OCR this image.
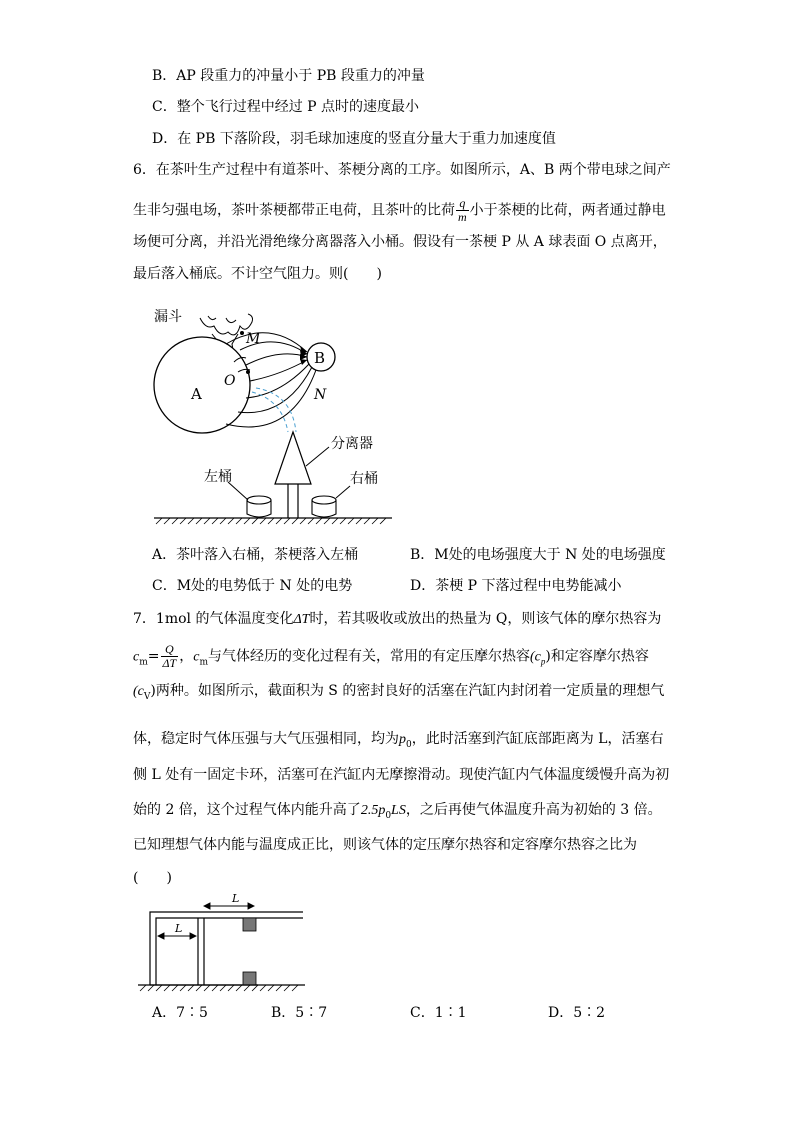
B．AP 段重力的冲量小于 PB 段重力的冲量
C．整个飞行过程中经过 P 点时的速度最小
D．在 PB 下落阶段，羽毛球加速度的竖直分量大于重力加速度值
6．在茶叶生产过程中有道茶叶、茶梗分离的工序。如图所示，A、B 两个带电球之间产
生非匀强电场，茶叶茶梗都带正电荷，且茶叶的比荷 $\frac{q}{m}$ 小于茶梗的比荷，两者通过静电
场便可分离，并沿光滑绝缘分离器落入小桶。假设有一茶梗 P 从 A 球表面 O 点离开，
最后落入桶底。不计空气阻力。则(　　)
漏斗
A
B
M
O
N
分离器
左桶	右桶
A．茶叶落入右桶，茶梗落入左桶	B．M处的电场强度大于 N 处的电场强度
C．M处的电势低于 N 处的电势	D．茶梗 P 下落过程中电势能减小
7．1mol 的气体温度变化ΔT时，若其吸收或放出的热量为 Q，则该气体的摩尔热容为
$c_m= \frac{Q}{\Delta T}$ ，$c_m$与气体经历的变化过程有关，常用的有定压摩尔热容$(c_p)$和定容摩尔热容
$(c_V)$两种。如图所示，截面积为 S 的密封良好的活塞在汽缸内封闭着一定质量的理想气
体，稳定时气体压强与大气压强相同，均为$p_0$，此时活塞到汽缸底部距离为 L，活塞右
侧 L 处有一固定卡环，活塞可在汽缸内无摩擦滑动。现使汽缸内气体温度缓慢升高为初
始的 2 倍，这个过程气体内能升高了$2.5p_0LS$，之后再使气体温度升高为初始的 3 倍。
已知理想气体内能与温度成正比，则该气体的定压摩尔热容和定容摩尔热容之比为
(　　)
L
L
A．7∶5	B．5∶7	C．1∶1	D．5∶2
